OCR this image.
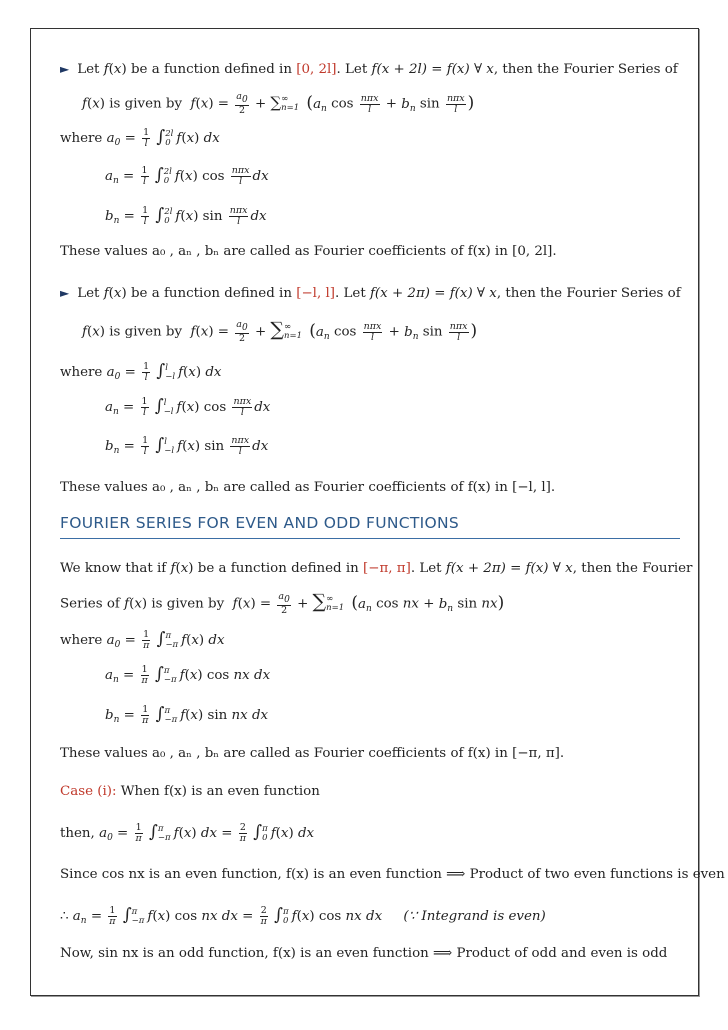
► Let f(x) be a function defined in [0, 2l]. Let f(x + 2l) = f(x) ∀ x, then the Fourier Series of
f(x) is given by $f(x) = \frac{a0}{2}$ + ∑ ∞
n=1 ($a_n$ $\cos \frac{\text{nπx}}{l} + b_n$ $\sin \frac{\text{nπx}}{l}$ )
where $a_0 = \frac{1}{l}$ ∫ 2l
0 f(x) dx
$a_n = \frac{1}{l}$ ∫ 2l
0 f(x) $\cos \frac{\text{nπx}}{l}$ dx
$b_n = \frac{1}{l}$ ∫ 2l
0 f(x) $\sin \frac{\text{nπx}}{l}$ dx
These values a₀ , aₙ , bₙ are called as Fourier coefficients of f(x) in [0, 2l].
► Let f(x) be a function defined in [−l, l]. Let f(x + 2π) = f(x) ∀ x, then the Fourier Series of
f(x) is given by $f(x) = \frac{a0}{2}$ + ∑ ∞
n=1 ($a_n$ $\cos \frac{\text{nπx}}{l} + b_n$ $\sin \frac{\text{nπx}}{l}$ )
where $a_0 = \frac{1}{l}$ ∫ l
−l f(x) dx
$a_n = \frac{1}{l}$ ∫ l
−l f(x) $\cos \frac{\text{nπx}}{l}$ dx
$b_n = \frac{1}{l}$ ∫ l
−l f(x) $\sin \frac{\text{nπx}}{l}$ dx
These values a₀ , aₙ , bₙ are called as Fourier coefficients of f(x) in [−l, l].
FOURIER SERIES FOR EVEN AND ODD FUNCTIONS
We know that if f(x) be a function defined in [−π, π]. Let f(x + 2π) = f(x) ∀ x, then the Fourier
Series of f(x) is given by $f(x) = \frac{a0}{2}$ + ∑ ∞
n=1 ($a_n$ cos nx + $b_n$ sin nx)
where $a_0 = \frac{1}{\pi}$ ∫ π
−π f(x) dx
$a_n = \frac{1}{\pi}$ ∫ π
−π f(x) cos nx dx
$b_n = \frac{1}{\pi}$ ∫ π
−π f(x) sin nx dx
These values a₀ , aₙ , bₙ are called as Fourier coefficients of f(x) in [−π, π].
Case (i): When f(x) is an even function
then, $a_0 = \frac{1}{\pi}$ ∫ π
−π f(x) dx = $\frac{2}{\pi}$ ∫ π
0 f(x) dx
Since cos nx is an even function, f(x) is an even function ⟹ Product of two even functions is even
∴ $a_n = \frac{1}{\pi}$ ∫ π
−π f(x) cos nx dx = $\frac{2}{\pi}$ ∫ π
0 f(x) cos nx dx (∵ Integrand is even)
Now, sin nx is an odd function, f(x) is an even function ⟹ Product of odd and even is odd
